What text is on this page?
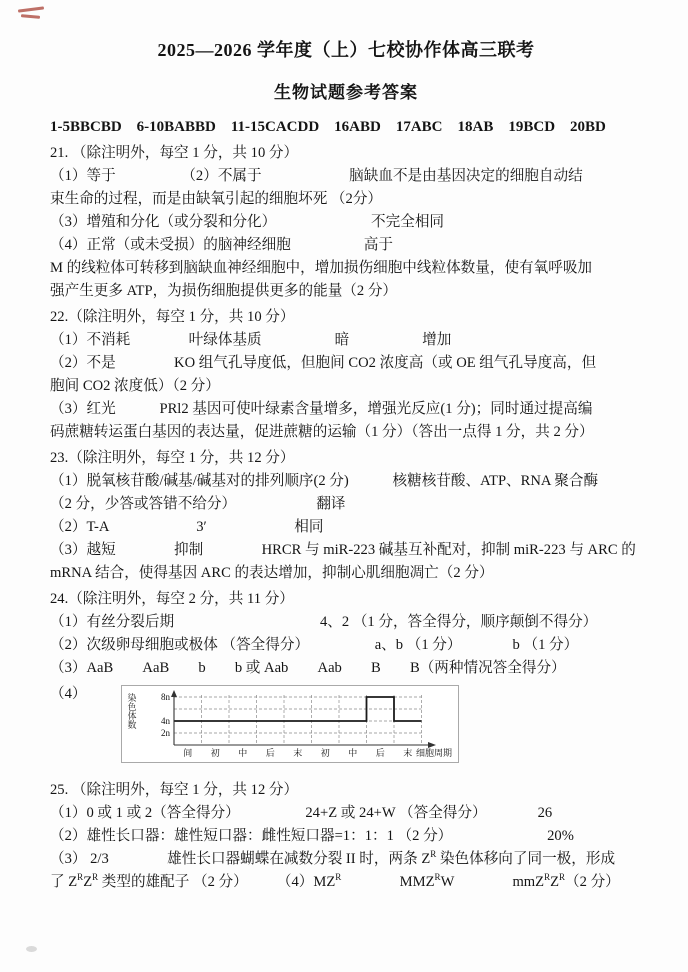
2025—2026 学年度（上）七校协作体高三联考
生物试题参考答案
1-5BBCBD　6-10BABBD　11-15CACDD　16ABD　17ABC　18AB　19BCD　20BD
21. （除注明外，每空 1 分，共 10 分）
（1）等于　　　　　（2）不属于　　　　　　脑缺血不是由基因决定的细胞自动结
束生命的过程，而是由缺氧引起的细胞坏死 （2分）
（3）增殖和分化（或分裂和分化）　　　　　　　不完全相同
（4）正常（或未受损）的脑神经细胞　　　　　高于
M 的线粒体可转移到脑缺血神经细胞中，增加损伤细胞中线粒体数量，使有氧呼吸加
强产生更多 ATP，为损伤细胞提供更多的能量（2 分）
22.（除注明外，每空 1 分，共 10 分）
（1）不消耗　　　　叶绿体基质　　　　　暗　　　　　增加
（2）不是　　　　KO 组气孔导度低，但胞间 CO2 浓度高（或 OE 组气孔导度高，但
胞间 CO2 浓度低）（2 分）
（3）红光　　　PRl2 基因可使叶绿素含量增多，增强光反应(1 分)；同时通过提高编
码蔗糖转运蛋白基因的表达量，促进蔗糖的运输（1 分）（答出一点得 1 分，共 2 分）
23.（除注明外，每空 1 分，共 12 分）
（1）脱氧核苷酸/碱基/碱基对的排列顺序(2 分)　　　核糖核苷酸、ATP、RNA 聚合酶
（2 分，少答或答错不给分）　　　　　　翻译
（2）T-A　　　　　　3′　　　　　　相同
（3）越短　　　　抑制　　　　HRCR 与 miR-223 碱基互补配对，抑制 miR-223 与 ARC 的
mRNA 结合，使得基因 ARC 的表达增加，抑制心肌细胞凋亡（2 分）
24.（除注明外，每空 2 分，共 11 分）
（1）有丝分裂后期　　　　　　　　　　4、2 （1 分，答全得分，顺序颠倒不得分）
（2）次级卵母细胞或极体 （答全得分）　　　　　a、b （1 分）　　　　b （1 分）
（3）AaB　　AaB　　b　　b 或 Aab　　Aab　　B　　B（两种情况答全得分）
（4）	染色体数
间 初 中 后 末 初 中 后 末
2n
4n
8n
细胞周期
25. （除注明外，每空 1 分，共 12 分）
（1）0 或 1 或 2（答全得分）　　　　　24+Z 或 24+W （答全得分）　　　　26
（2）雄性长口器：雄性短口器：雌性短口器=1：1：1 （2 分）　　　　　　　20%
（3） 2/3　　　　雄性长口器蝴蝶在减数分裂 II 时，两条 $Z^R$ 染色体移向了同一极，形成
了 $Z^RZ^R$ 类型的雄配子 （2 分）　　　$(4)MZ^R$　　　　$MMZ^RW$　　　　$mmZ^RZ^R(2$ 分）
